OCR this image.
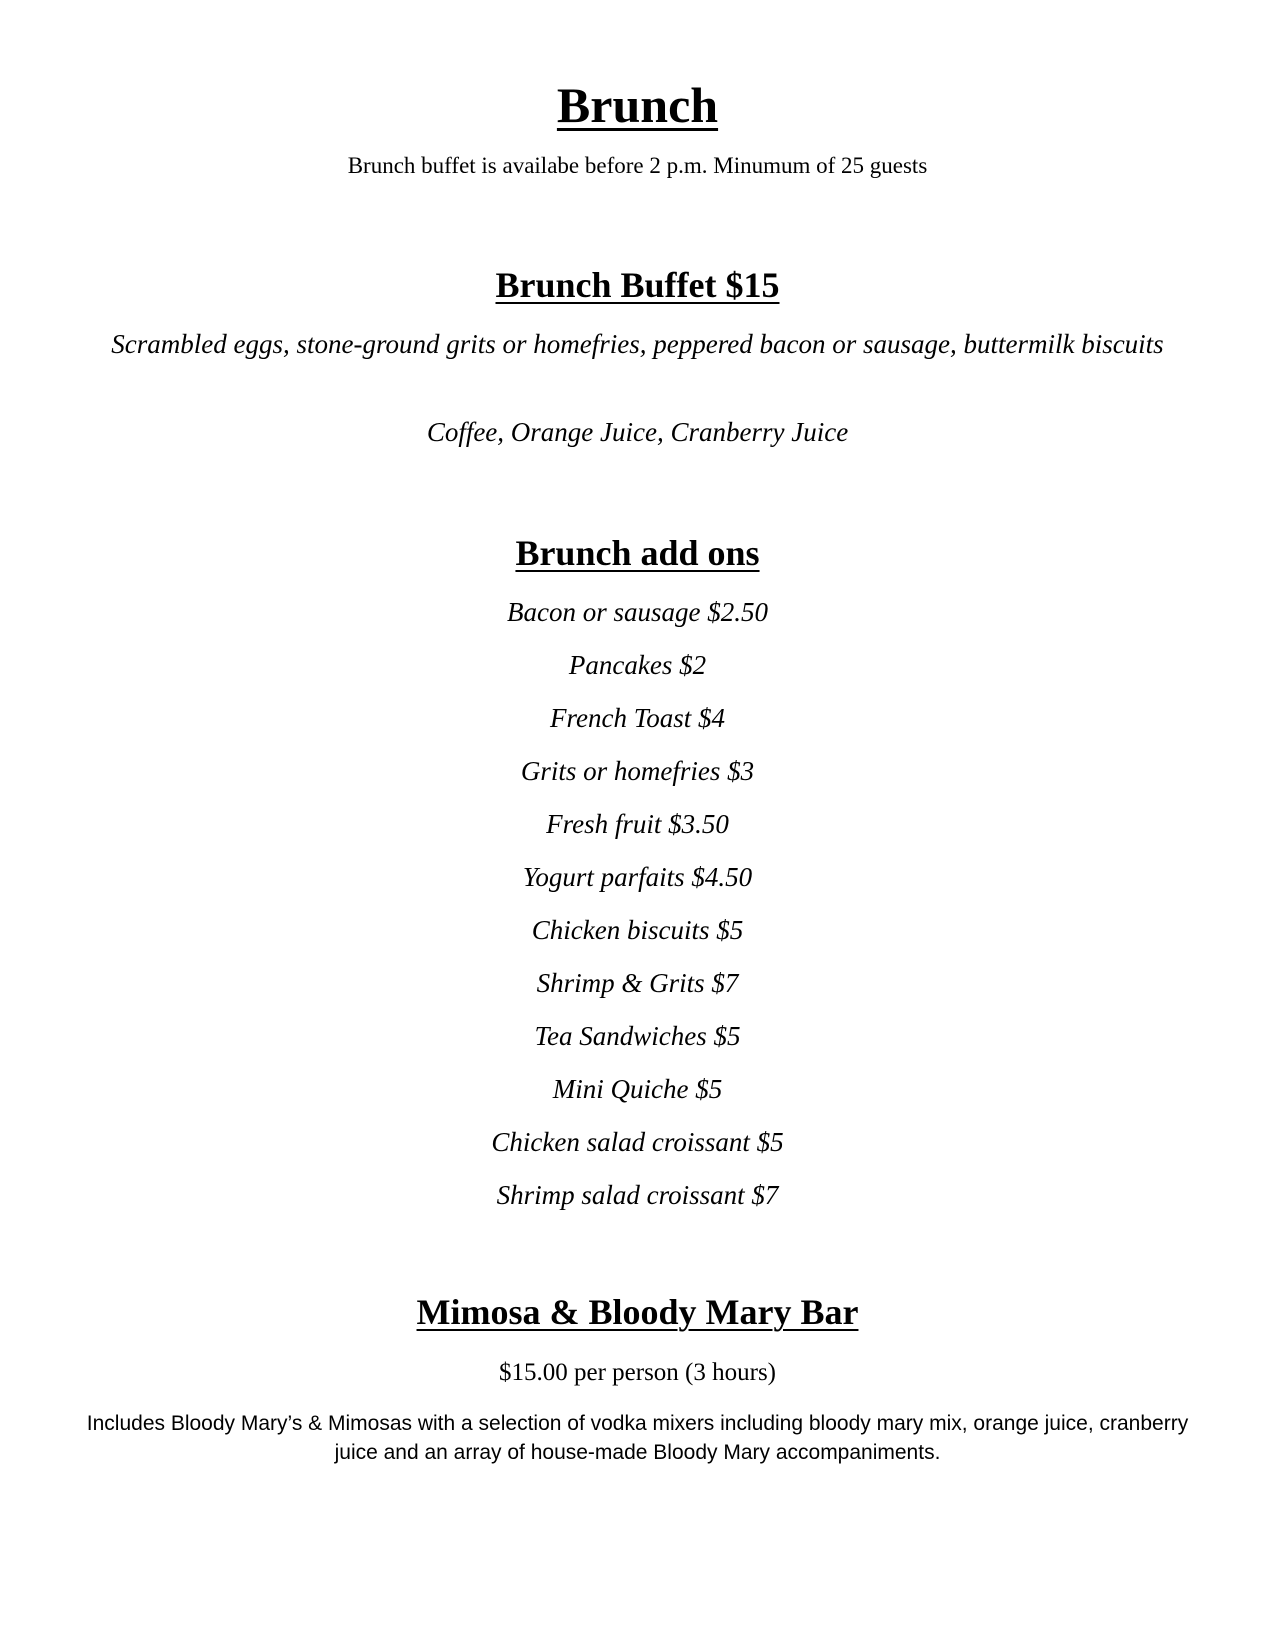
Brunch

Brunch buffet is availabe before 2 p.m. Minumum of 25 guests

Brunch Buffet $15

Scrambled eggs, stone-ground grits or homefries, peppered bacon or sausage, buttermilk biscuits

Coffee, Orange Juice, Cranberry Juice

Brunch add ons
Bacon or sausage $2.50
Pancakes $2
French Toast $4
Grits or homefries $3
Fresh fruit $3.50
Yogurt parfaits $4.50
Chicken biscuits $5
Shrimp & Grits $7
Tea Sandwiches $5
Mini Quiche $5
Chicken salad croissant $5
Shrimp salad croissant $7
Mimosa & Bloody Mary Bar

$15.00 per person (3 hours)

Includes Bloody Mary’s & Mimosas with a selection of vodka mixers including bloody mary mix, orange juice, cranberry juice and an array of house-made Bloody Mary accompaniments.
